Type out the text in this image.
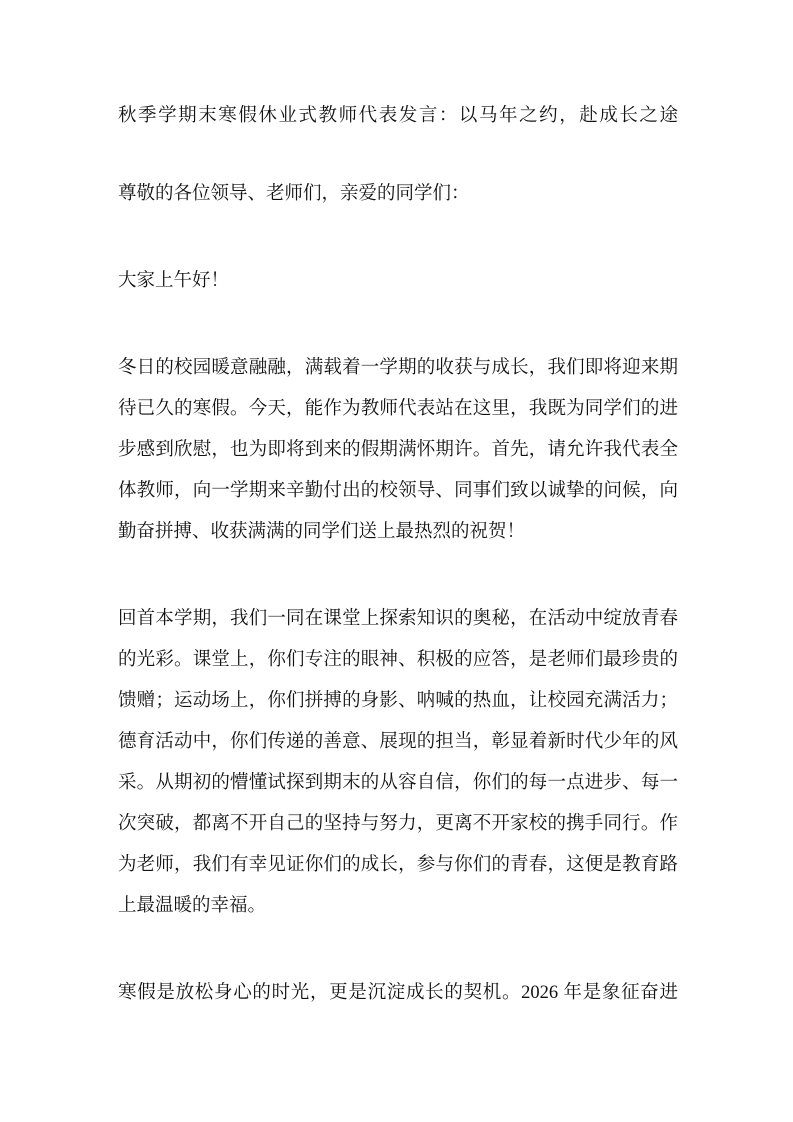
秋季学期末寒假休业式教师代表发言：以马年之约，赴成长之途
尊敬的各位领导、老师们，亲爱的同学们：
大家上午好！
冬日的校园暖意融融，满载着一学期的收获与成长，我们即将迎来期
待已久的寒假。今天，能作为教师代表站在这里，我既为同学们的进
步感到欣慰，也为即将到来的假期满怀期许。首先，请允许我代表全
体教师，向一学期来辛勤付出的校领导、同事们致以诚挚的问候，向
勤奋拼搏、收获满满的同学们送上最热烈的祝贺！
回首本学期，我们一同在课堂上探索知识的奥秘，在活动中绽放青春
的光彩。课堂上，你们专注的眼神、积极的应答，是老师们最珍贵的
馈赠；运动场上，你们拼搏的身影、呐喊的热血，让校园充满活力；
德育活动中，你们传递的善意、展现的担当，彰显着新时代少年的风
采。从期初的懵懂试探到期末的从容自信，你们的每一点进步、每一
次突破，都离不开自己的坚持与努力，更离不开家校的携手同行。作
为老师，我们有幸见证你们的成长，参与你们的青春，这便是教育路
上最温暖的幸福。
寒假是放松身心的时光，更是沉淀成长的契机。2026 年是象征奋进
